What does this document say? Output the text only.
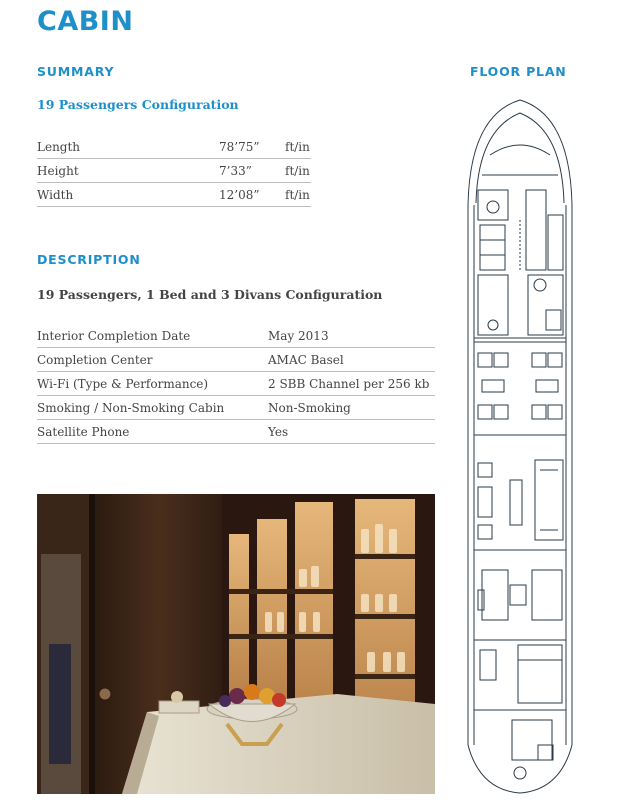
CABIN
SUMMARY	FLOOR PLAN
19 Passengers Configuration
Length	78’75”	ft/in
Height	7’33”	ft/in
Width	12’08”	ft/in
DESCRIPTION
19 Passengers, 1 Bed and 3 Divans Configuration
Interior Completion Date	May 2013
Completion Center	AMAC Basel
Wi-Fi (Type & Performance)	2 SBB Channel per 256 kb
Smoking / Non-Smoking Cabin	Non-Smoking
Satellite Phone	Yes
